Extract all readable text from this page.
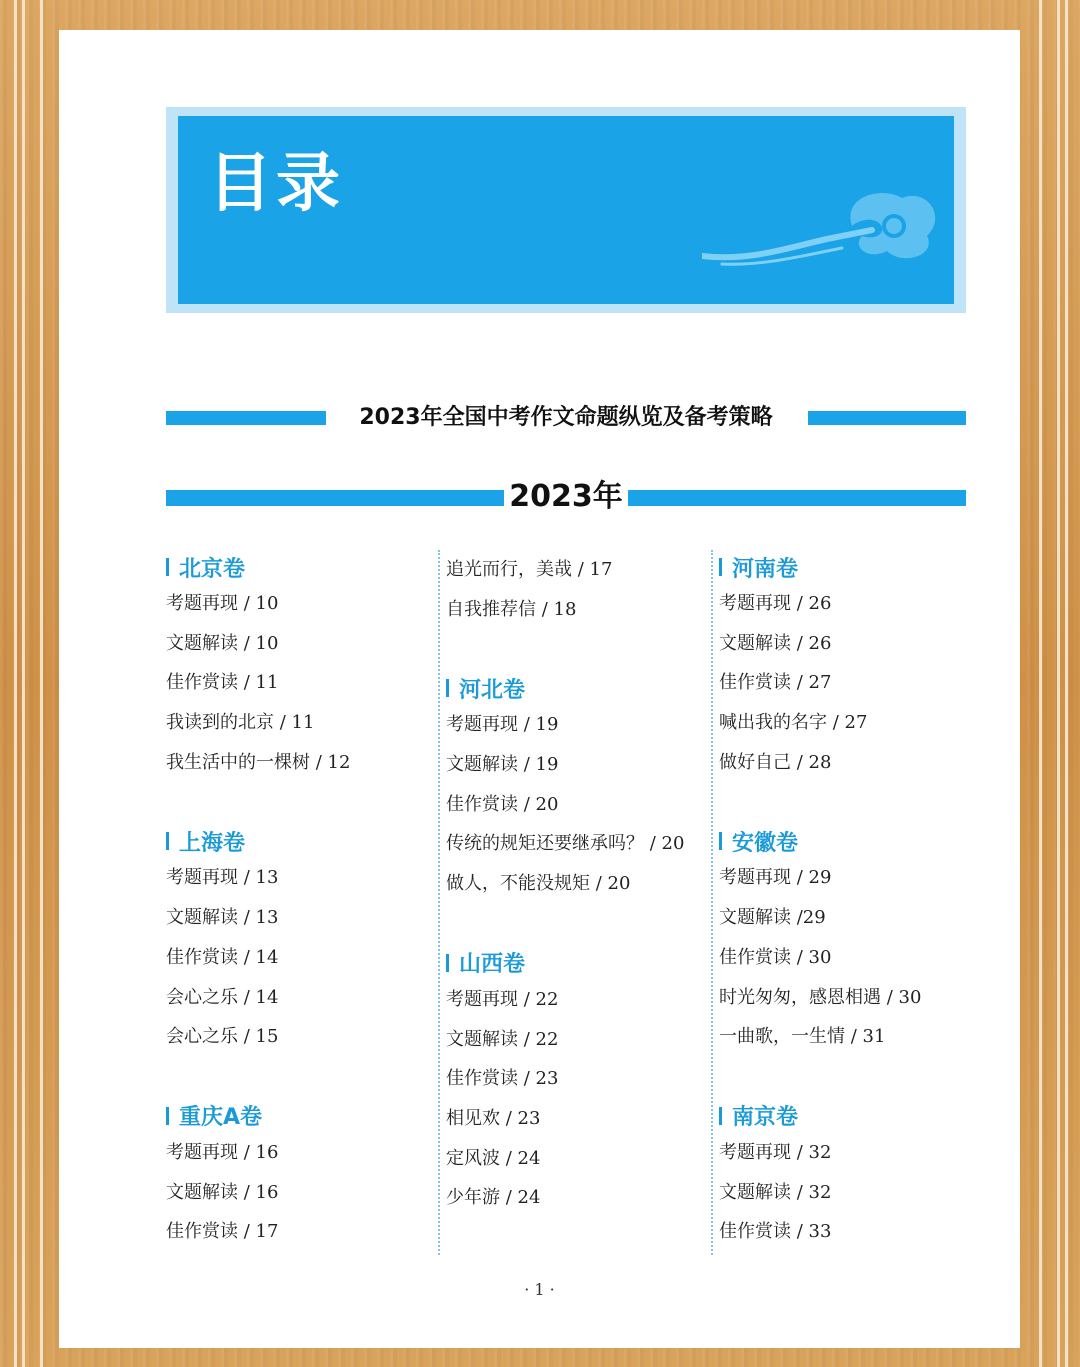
目录
2023年全国中考作文命题纵览及备考策略
2023年
北京卷
考题再现 / 10
文题解读 / 10
佳作赏读 / 11
我读到的北京 / 11
我生活中的一棵树 / 12
上海卷
考题再现 / 13
文题解读 / 13
佳作赏读 / 14
会心之乐 / 14
会心之乐 / 15
重庆A卷
考题再现 / 16
文题解读 / 16
佳作赏读 / 17
追光而行，美哉 / 17
自我推荐信 / 18
河北卷
考题再现 / 19
文题解读 / 19
佳作赏读 / 20
传统的规矩还要继承吗？ / 20
做人，不能没规矩 / 20
山西卷
考题再现 / 22
文题解读 / 22
佳作赏读 / 23
相见欢 / 23
定风波 / 24
少年游 / 24
河南卷
考题再现 / 26
文题解读 / 26
佳作赏读 / 27
喊出我的名字 / 27
做好自己 / 28
安徽卷
考题再现 / 29
文题解读 /29
佳作赏读 / 30
时光匆匆，感恩相遇 / 30
一曲歌，一生情 / 31
南京卷
考题再现 / 32
文题解读 / 32
佳作赏读 / 33
· 1 ·
